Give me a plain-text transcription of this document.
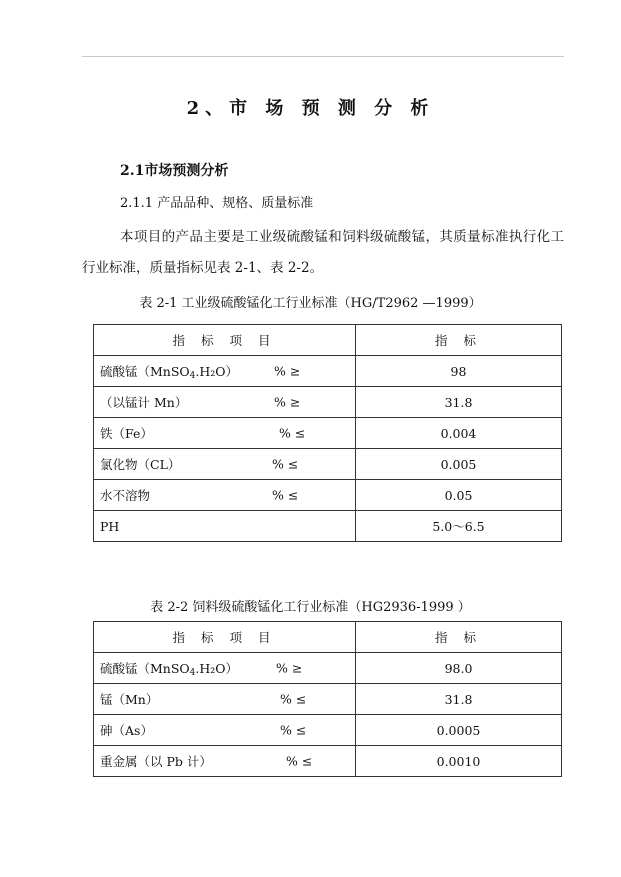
2、市 场 预 测 分 析
2.1市场预测分析
2.1.1 产品品种、规格、质量标准
本项目的产品主要是工业级硫酸锰和饲料级硫酸锰，其质量标准执行化工行业标准，质量指标见表 2-1、表 2-2。
表 2-1 工业级硫酸锰化工行业标准（HG/T2962 —1999）
指 标 项 目	指 标
硫酸锰（MnSO$_4$.H₂O） % ≥	98
（以锰计 Mn） % ≥	31.8
铁（Fe） % ≤	0.004
氯化物（CL） % ≤	0.005
水不溶物 % ≤	0.05
PH	5.0～6.5
表 2-2 饲料级硫酸锰化工行业标准（HG2936-1999 ）
指 标 项 目	指 标
硫酸锰（MnSO$_4$.H₂O） % ≥	98.0
锰（Mn） % ≤	31.8
砷（As） % ≤	0.0005
重金属（以 Pb 计） % ≤	0.0010
